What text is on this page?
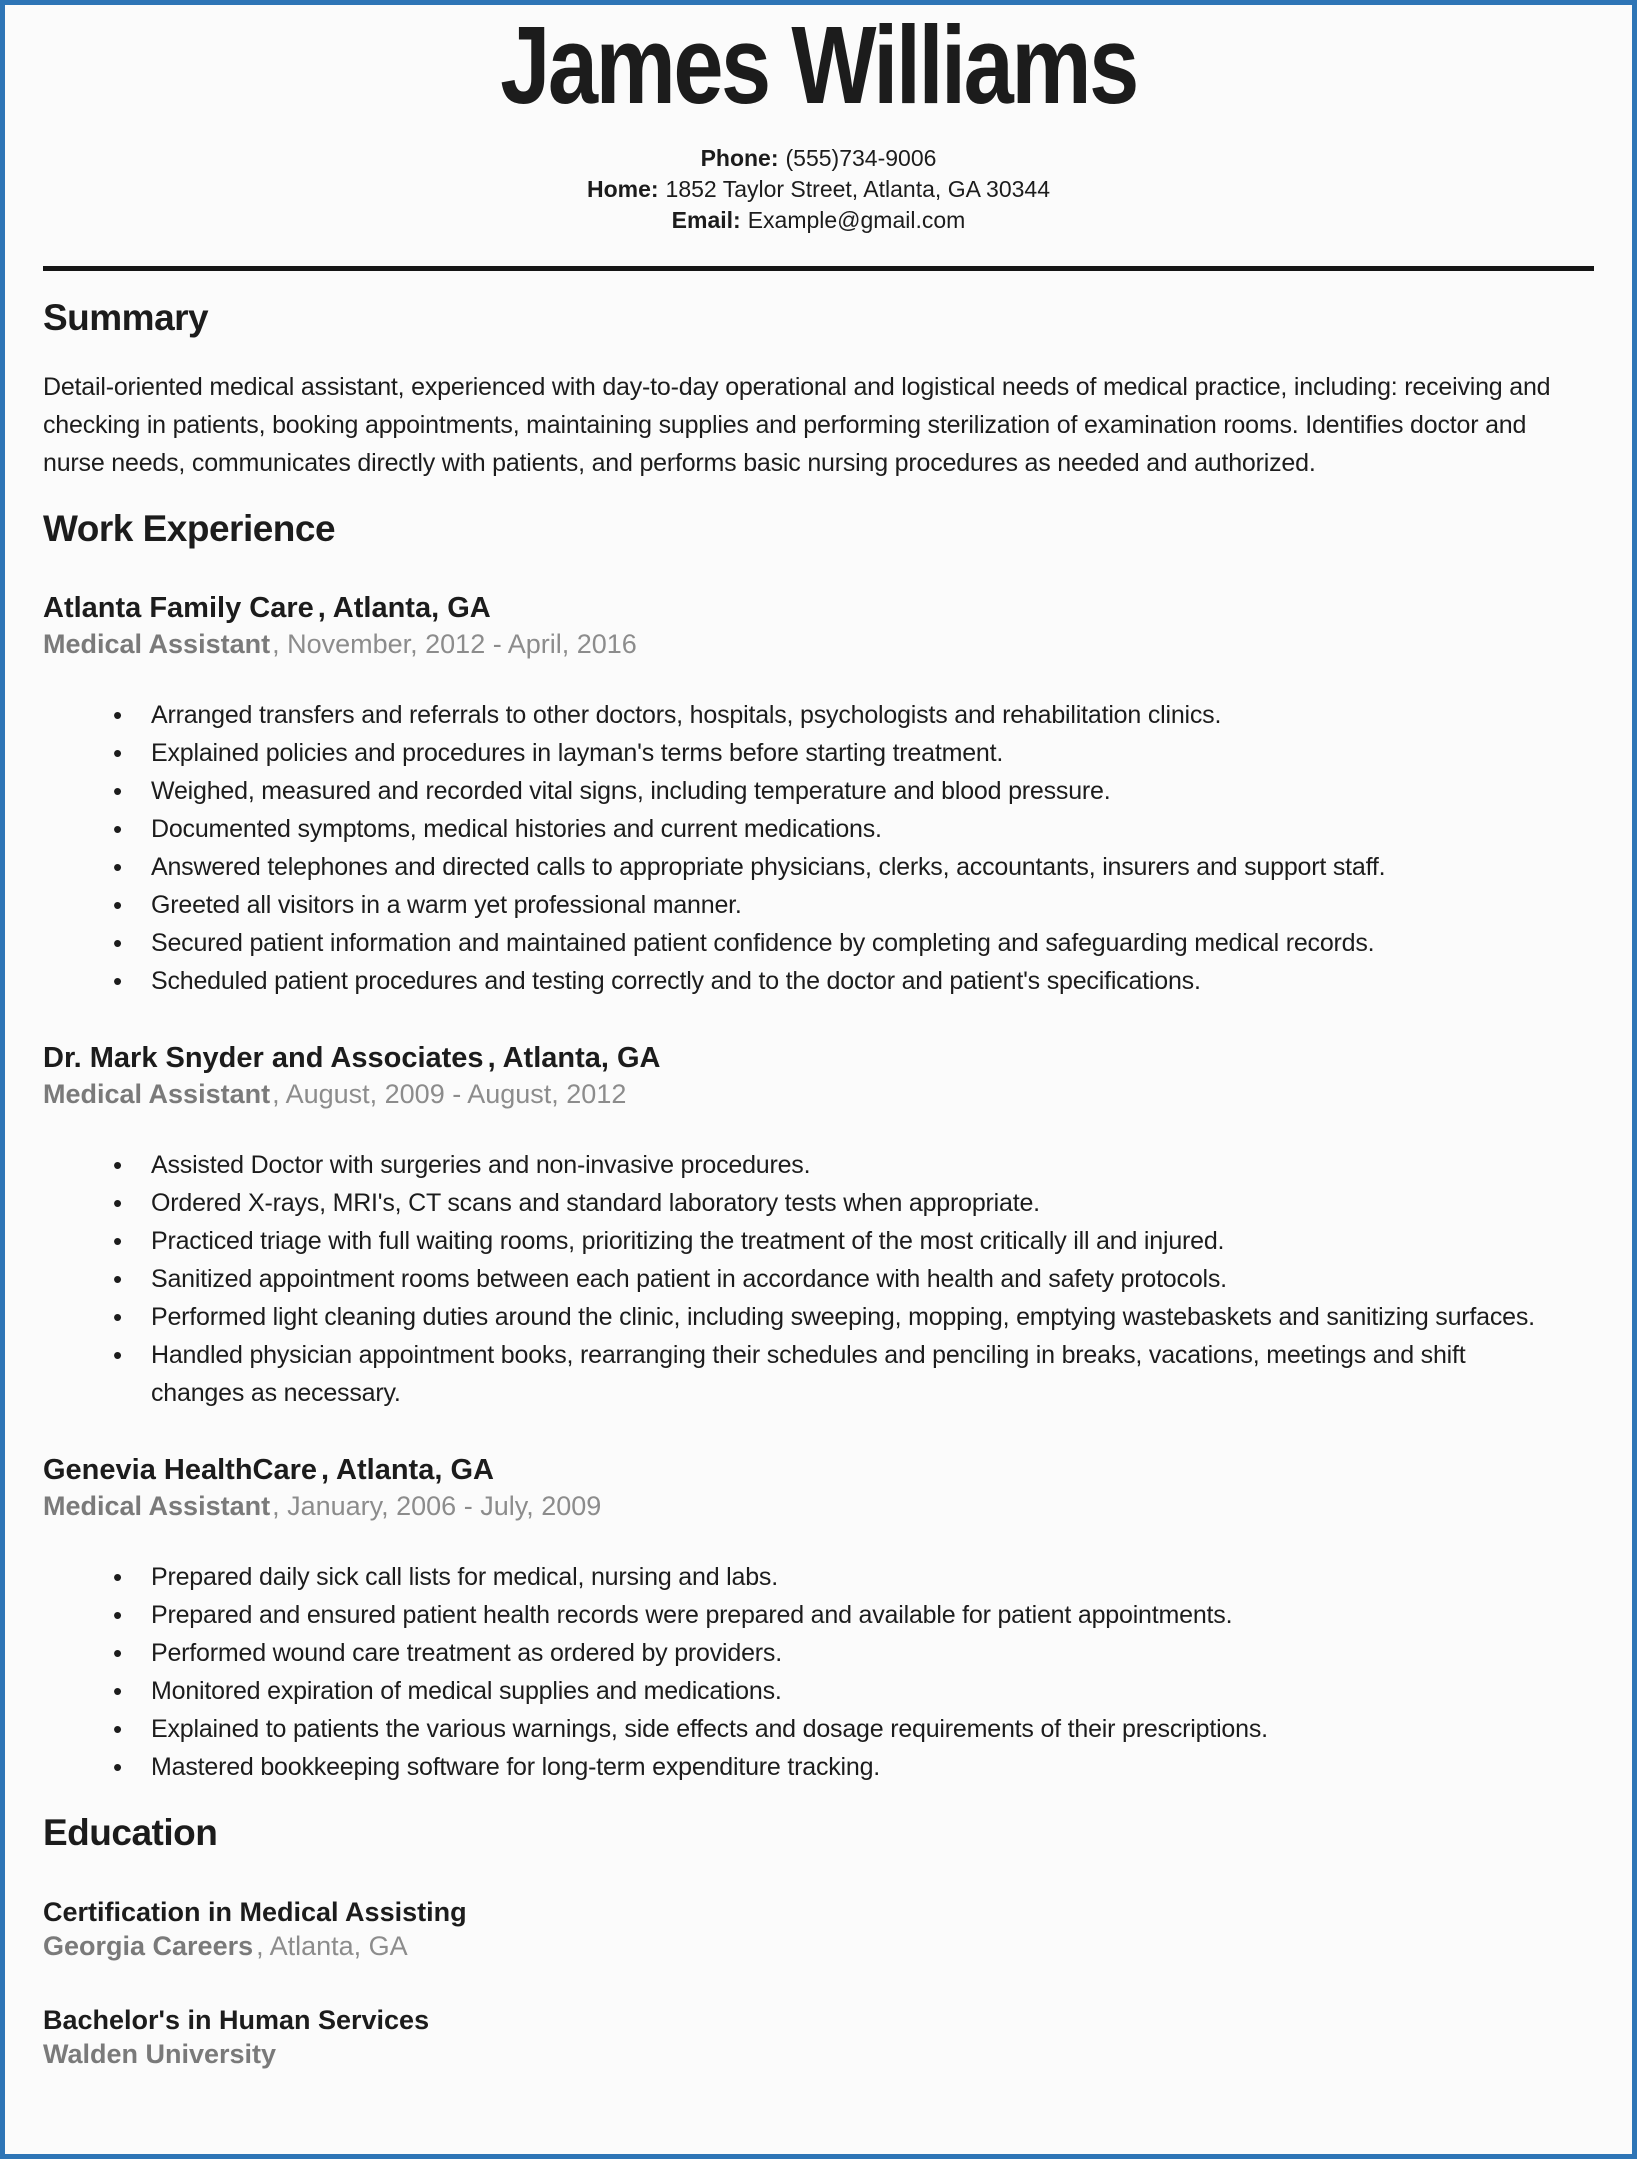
James Williams
Phone: (555)734-9006
Home: 1852 Taylor Street, Atlanta, GA 30344
Email: Example@gmail.com
Summary

Detail-oriented medical assistant, experienced with day-to-day operational and logistical needs of medical practice, including: receiving and checking in patients, booking appointments, maintaining supplies and performing sterilization of examination rooms. Identifies doctor and nurse needs, communicates directly with patients, and performs basic nursing procedures as needed and authorized.

Work Experience
Atlanta Family Care , Atlanta, GA

Medical Assistant, November, 2012 - April, 2016

• Arranged transfers and referrals to other doctors, hospitals, psychologists and rehabilitation clinics.
• Explained policies and procedures in layman's terms before starting treatment.
• Weighed, measured and recorded vital signs, including temperature and blood pressure.
• Documented symptoms, medical histories and current medications.
• Answered telephones and directed calls to appropriate physicians, clerks, accountants, insurers and support staff.
• Greeted all visitors in a warm yet professional manner.
• Secured patient information and maintained patient confidence by completing and safeguarding medical records.
• Scheduled patient procedures and testing correctly and to the doctor and patient's specifications.
Dr. Mark Snyder and Associates , Atlanta, GA

Medical Assistant, August, 2009 - August, 2012

• Assisted Doctor with surgeries and non-invasive procedures.
• Ordered X-rays, MRI's, CT scans and standard laboratory tests when appropriate.
• Practiced triage with full waiting rooms, prioritizing the treatment of the most critically ill and injured.
• Sanitized appointment rooms between each patient in accordance with health and safety protocols.
• Performed light cleaning duties around the clinic, including sweeping, mopping, emptying wastebaskets and sanitizing surfaces.
• Handled physician appointment books, rearranging their schedules and penciling in breaks, vacations, meetings and shift changes as necessary.
Genevia HealthCare , Atlanta, GA

Medical Assistant, January, 2006 - July, 2009

• Prepared daily sick call lists for medical, nursing and labs.
• Prepared and ensured patient health records were prepared and available for patient appointments.
• Performed wound care treatment as ordered by providers.
• Monitored expiration of medical supplies and medications.
• Explained to patients the various warnings, side effects and dosage requirements of their prescriptions.
• Mastered bookkeeping software for long-term expenditure tracking.
Education
Certification in Medical Assisting

Georgia Careers , Atlanta, GA

Bachelor's in Human Services

Walden University
